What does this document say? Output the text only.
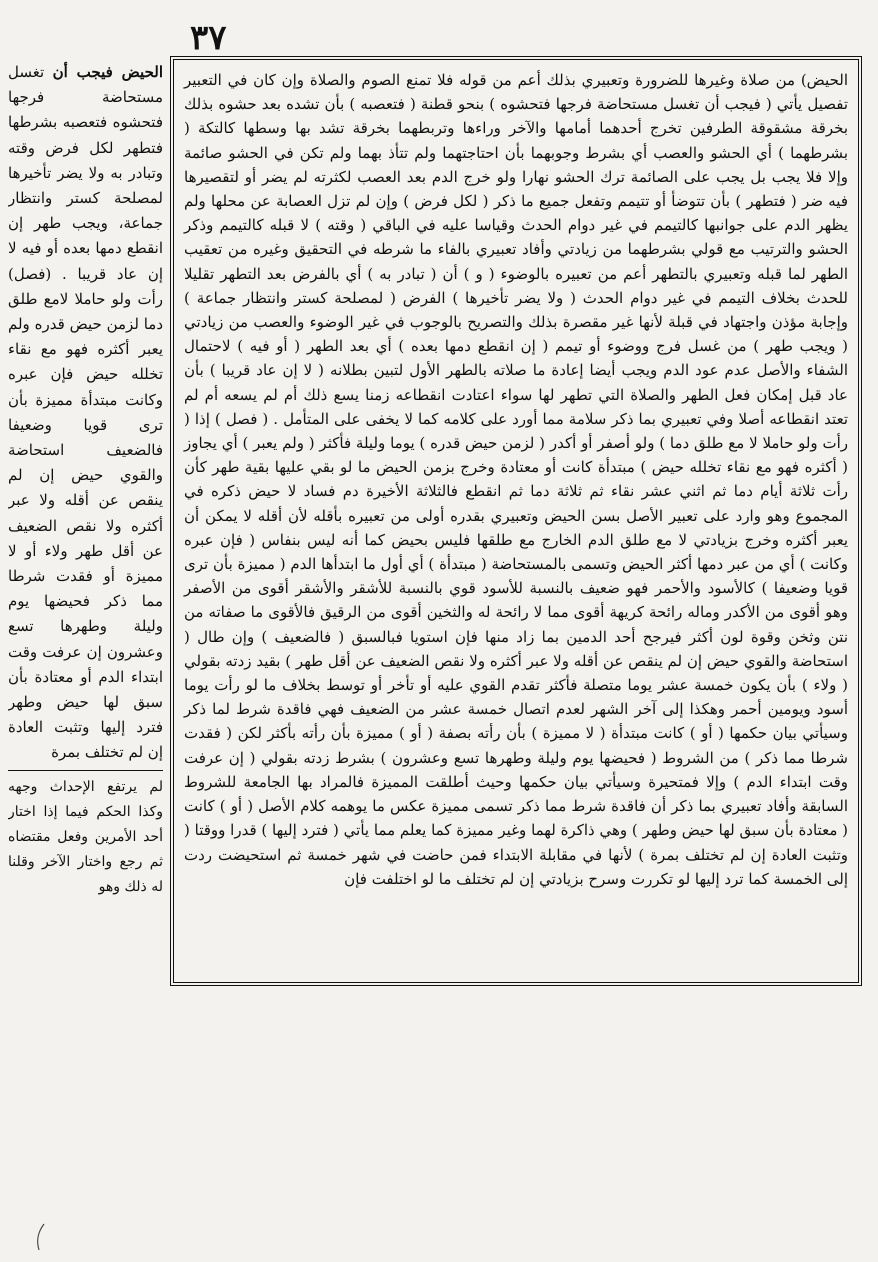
٣٧

الحيض فيجب أن تغسل مستحاضة فرجها فتحشوه فتعصبه بشرطها فتطهر لكل فرض وقته وتبادر به ولا يضر تأخيرها لمصلحة كستر وانتظار جماعة، ويجب طهر إن انقطع دمها بعده أو فيه لا إن عاد قريبا . (فصل) رأت ولو حاملا لامع طلق دما لزمن حيض قدره ولم يعبر أكثره فهو مع نقاء تخلله حيض فإن عبره وكانت مبتدأة مميزة بأن ترى قويا وضعيفا فالضعيف استحاضة والقوي حيض إن لم ينقص عن أقله ولا عبر أكثره ولا نقص الضعيف عن أقل طهر ولاء أو لا مميزة أو فقدت شرطا مما ذكر فحيضها يوم وليلة وطهرها تسع وعشرون إن عرفت وقت ابتداء الدم أو معتادة بأن سبق لها حيض وطهر فترد إليها وتثبت العادة إن لم تختلف بمرة

لم يرتفع الإحداث وجهه وكذا الحكم فيما إذا اختار أحد الأمرين وفعل مقتضاه ثم رجع واختار الآخر وقلنا له ذلك وهو

الحيض) من صلاة وغيرها للضرورة وتعبيري بذلك أعم من قوله فلا تمنع الصوم والصلاة وإن كان في التعبير تفصيل يأتي ( فيجب أن تغسل مستحاضة فرجها فتحشوه ) بنحو قطنة ( فتعصبه ) بأن تشده بعد حشوه بذلك بخرقة مشقوقة الطرفين تخرج أحدهما أمامها والآخر وراءها وتربطهما بخرقة تشد بها وسطها كالتكة ( بشرطهما ) أي الحشو والعصب أي بشرط وجوبهما بأن احتاجتهما ولم تتأذ بهما ولم تكن في الحشو صائمة وإلا فلا يجب بل يجب على الصائمة ترك الحشو نهارا ولو خرج الدم بعد العصب لكثرته لم يضر أو لتقصيرها فيه ضر ( فتطهر ) بأن تتوضأ أو تتيمم وتفعل جميع ما ذكر ( لكل فرض ) وإن لم تزل العصابة عن محلها ولم يظهر الدم على جوانبها كالتيمم في غير دوام الحدث وقياسا عليه في الباقي ( وقته ) لا قبله كالتيمم وذكر الحشو والترتيب مع قولي بشرطهما من زيادتي وأفاد تعبيري بالفاء ما شرطه في التحقيق وغيره من تعقيب الطهر لما قبله وتعبيري بالتطهر أعم من تعبيره بالوضوء ( و ) أن ( تبادر به ) أي بالفرض بعد التطهر تقليلا للحدث بخلاف التيمم في غير دوام الحدث ( ولا يضر تأخيرها ) الفرض ( لمصلحة كستر وانتظار جماعة ) وإجابة مؤذن واجتهاد في قبلة لأنها غير مقصرة بذلك والتصريح بالوجوب في غير الوضوء والعصب من زيادتي ( ويجب طهر ) من غسل فرج ووضوء أو تيمم ( إن انقطع دمها بعده ) أي بعد الطهر ( أو فيه ) لاحتمال الشفاء والأصل عدم عود الدم ويجب أيضا إعادة ما صلاته بالطهر الأول لتبين بطلانه ( لا إن عاد قريبا ) بأن عاد قبل إمكان فعل الطهر والصلاة التي تطهر لها سواء اعتادت انقطاعه زمنا يسع ذلك أم لم يسعه أم لم تعتد انقطاعه أصلا وفي تعبيري بما ذكر سلامة مما أورد على كلامه كما لا يخفى على المتأمل . ( فصل ) إذا ( رأت ولو حاملا لا مع طلق دما ) ولو أصفر أو أكدر ( لزمن حيض قدره ) يوما وليلة فأكثر ( ولم يعبر ) أي يجاوز ( أكثره فهو مع نقاء تخلله حيض ) مبتدأة كانت أو معتادة وخرج بزمن الحيض ما لو بقي عليها بقية طهر كأن رأت ثلاثة أيام دما ثم اثني عشر نقاء ثم ثلاثة دما ثم انقطع فالثلاثة الأخيرة دم فساد لا حيض ذكره في المجموع وهو وارد على تعبير الأصل بسن الحيض وتعبيري بقدره أولى من تعبيره بأقله لأن أقله لا يمكن أن يعبر أكثره وخرج بزيادتي لا مع طلق الدم الخارج مع طلقها فليس بحيض كما أنه ليس بنفاس ( فإن عبره وكانت ) أي من عبر دمها أكثر الحيض وتسمى بالمستحاضة ( مبتدأة ) أي أول ما ابتدأها الدم ( مميزة بأن ترى قويا وضعيفا ) كالأسود والأحمر فهو ضعيف بالنسبة للأسود قوي بالنسبة للأشقر والأشقر أقوى من الأصفر وهو أقوى من الأكدر وماله رائحة كريهة أقوى مما لا رائحة له والثخين أقوى من الرقيق فالأقوى ما صفاته من نتن وثخن وقوة لون أكثر فيرجح أحد الدمين بما زاد منها فإن استويا فبالسبق ( فالضعيف ) وإن طال ( استحاضة والقوي حيض إن لم ينقص عن أقله ولا عبر أكثره ولا نقص الضعيف عن أقل طهر ) بقيد زدته بقولي ( ولاء ) بأن يكون خمسة عشر يوما متصلة فأكثر تقدم القوي عليه أو تأخر أو توسط بخلاف ما لو رأت يوما أسود ويومين أحمر وهكذا إلى آخر الشهر لعدم اتصال خمسة عشر من الضعيف فهي فاقدة شرط لما ذكر وسيأتي بيان حكمها ( أو ) كانت مبتدأة ( لا مميزة ) بأن رأته بصفة ( أو ) مميزة بأن رأته بأكثر لكن ( فقدت شرطا مما ذكر ) من الشروط ( فحيضها يوم وليلة وطهرها تسع وعشرون ) بشرط زدته بقولي ( إن عرفت وقت ابتداء الدم ) وإلا فمتحيرة وسيأتي بيان حكمها وحيث أطلقت المميزة فالمراد بها الجامعة للشروط السابقة وأفاد تعبيري بما ذكر أن فاقدة شرط مما ذكر تسمى مميزة عكس ما يوهمه كلام الأصل ( أو ) كانت ( معتادة بأن سبق لها حيض وطهر ) وهي ذاكرة لهما وغير مميزة كما يعلم مما يأتي ( فترد إليها ) قدرا ووقتا ( وتثبت العادة إن لم تختلف بمرة ) لأنها في مقابلة الابتداء فمن حاضت في شهر خمسة ثم استحيضت ردت إلى الخمسة كما ترد إليها لو تكررت وسرح بزيادتي إن لم تختلف ما لو اختلفت فإن
